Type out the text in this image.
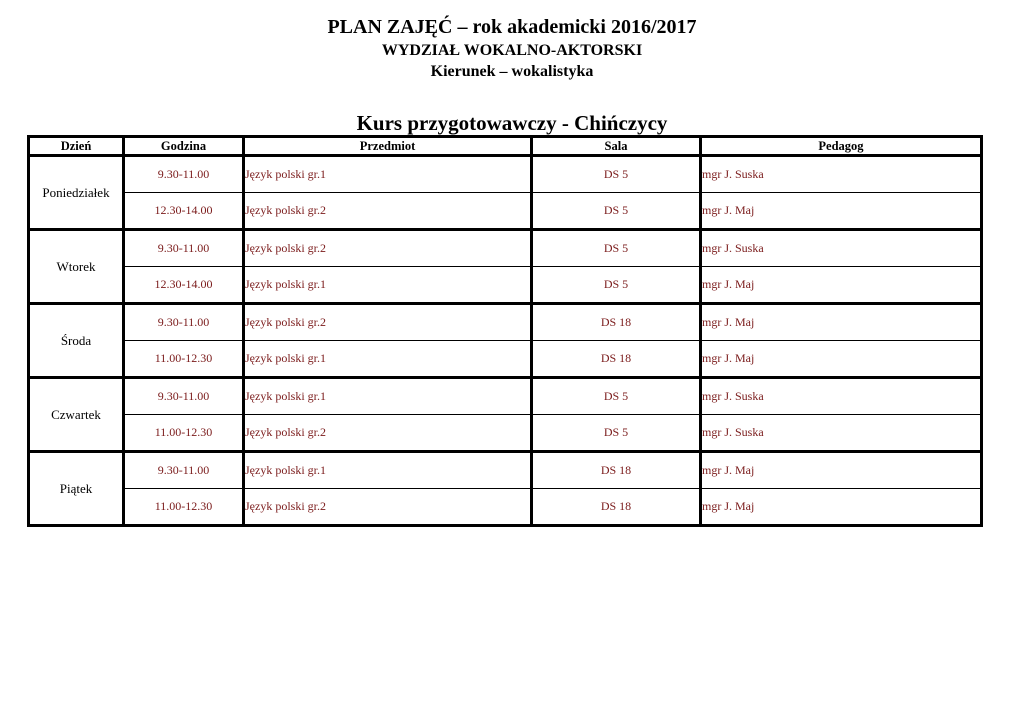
PLAN ZAJĘĆ – rok akademicki 2016/2017
WYDZIAŁ WOKALNO-AKTORSKI
Kierunek – wokalistyka
Kurs przygotowawczy - Chińczycy
Dzień	Godzina	Przedmiot	Sala	Pedagog
Poniedziałek	9.30-11.00	Język polski gr.1	DS 5	mgr J. Suska
	12.30-14.00	Język polski gr.2	DS 5	mgr J. Maj
Wtorek	9.30-11.00	Język polski gr.2	DS 5	mgr J. Suska
	12.30-14.00	Język polski gr.1	DS 5	mgr J. Maj
Środa	9.30-11.00	Język polski gr.2	DS 18	mgr J. Maj
	11.00-12.30	Język polski gr.1	DS 18	mgr J. Maj
Czwartek	9.30-11.00	Język polski gr.1	DS 5	mgr J. Suska
	11.00-12.30	Język polski gr.2	DS 5	mgr J. Suska
Piątek	9.30-11.00	Język polski gr.1	DS 18	mgr J. Maj
	11.00-12.30	Język polski gr.2	DS 18	mgr J. Maj
